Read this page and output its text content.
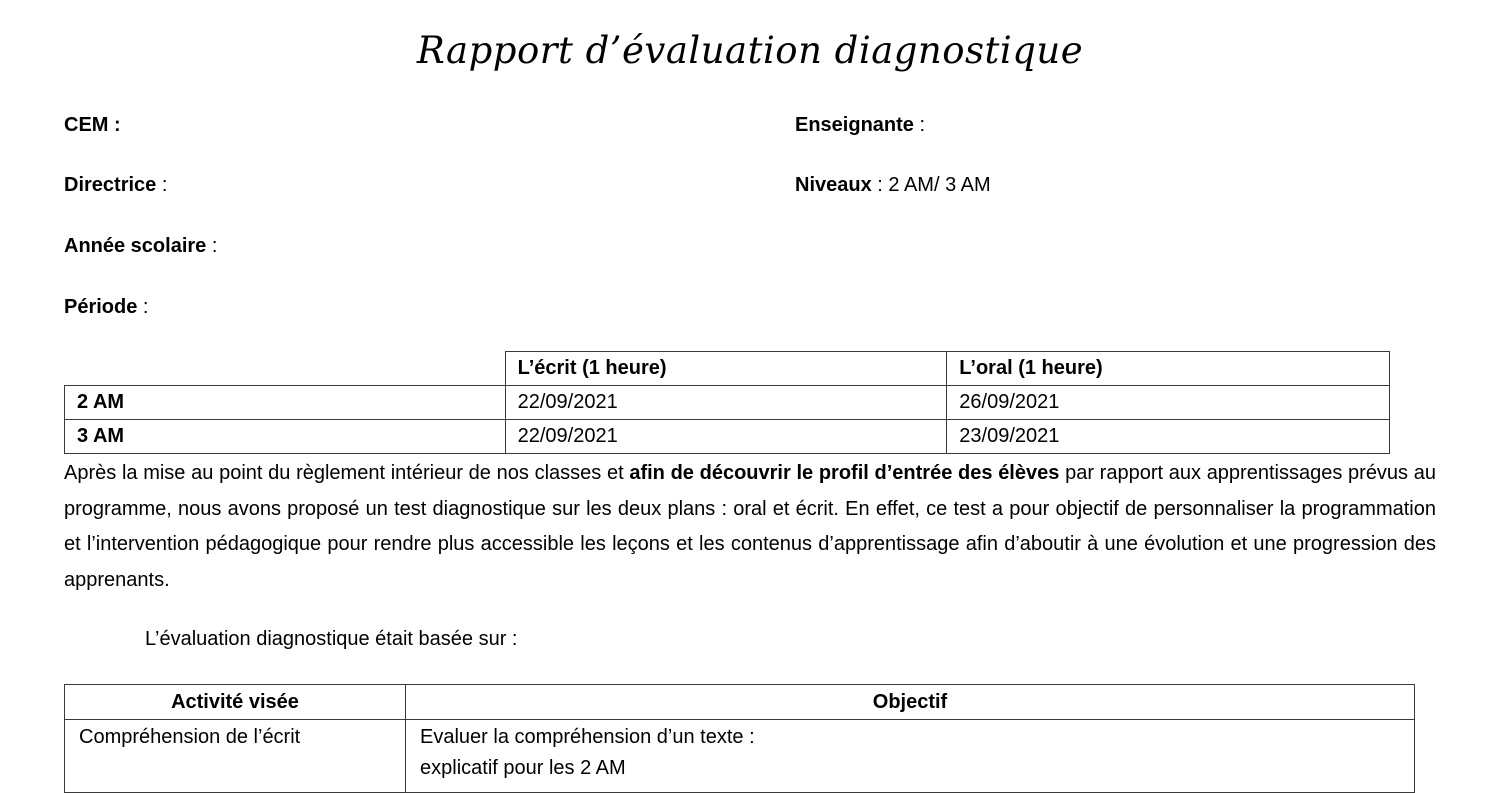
Rapport d’évaluation diagnostique
CEM :	Enseignante :
Directrice :	Niveaux : 2 AM/ 3 AM
Année scolaire :
Période :
	L’écrit (1 heure)	L’oral (1 heure)
2 AM	22/09/2021	26/09/2021
3 AM	22/09/2021	23/09/2021
Après la mise au point du règlement intérieur de nos classes et afin de découvrir le profil d’entrée des élèves par rapport aux apprentissages prévus au programme, nous avons proposé un test diagnostique sur les deux plans : oral et écrit. En effet, ce test a pour objectif de personnaliser la programmation et l’intervention pédagogique pour rendre plus accessible les leçons et les contenus d’apprentissage afin d’aboutir à une évolution et une progression des apprenants.
L’évaluation diagnostique était basée sur :
Activité visée	Objectif
Compréhension de l’écrit	Evaluer la compréhension d’un texte :
explicatif pour les 2 AM
